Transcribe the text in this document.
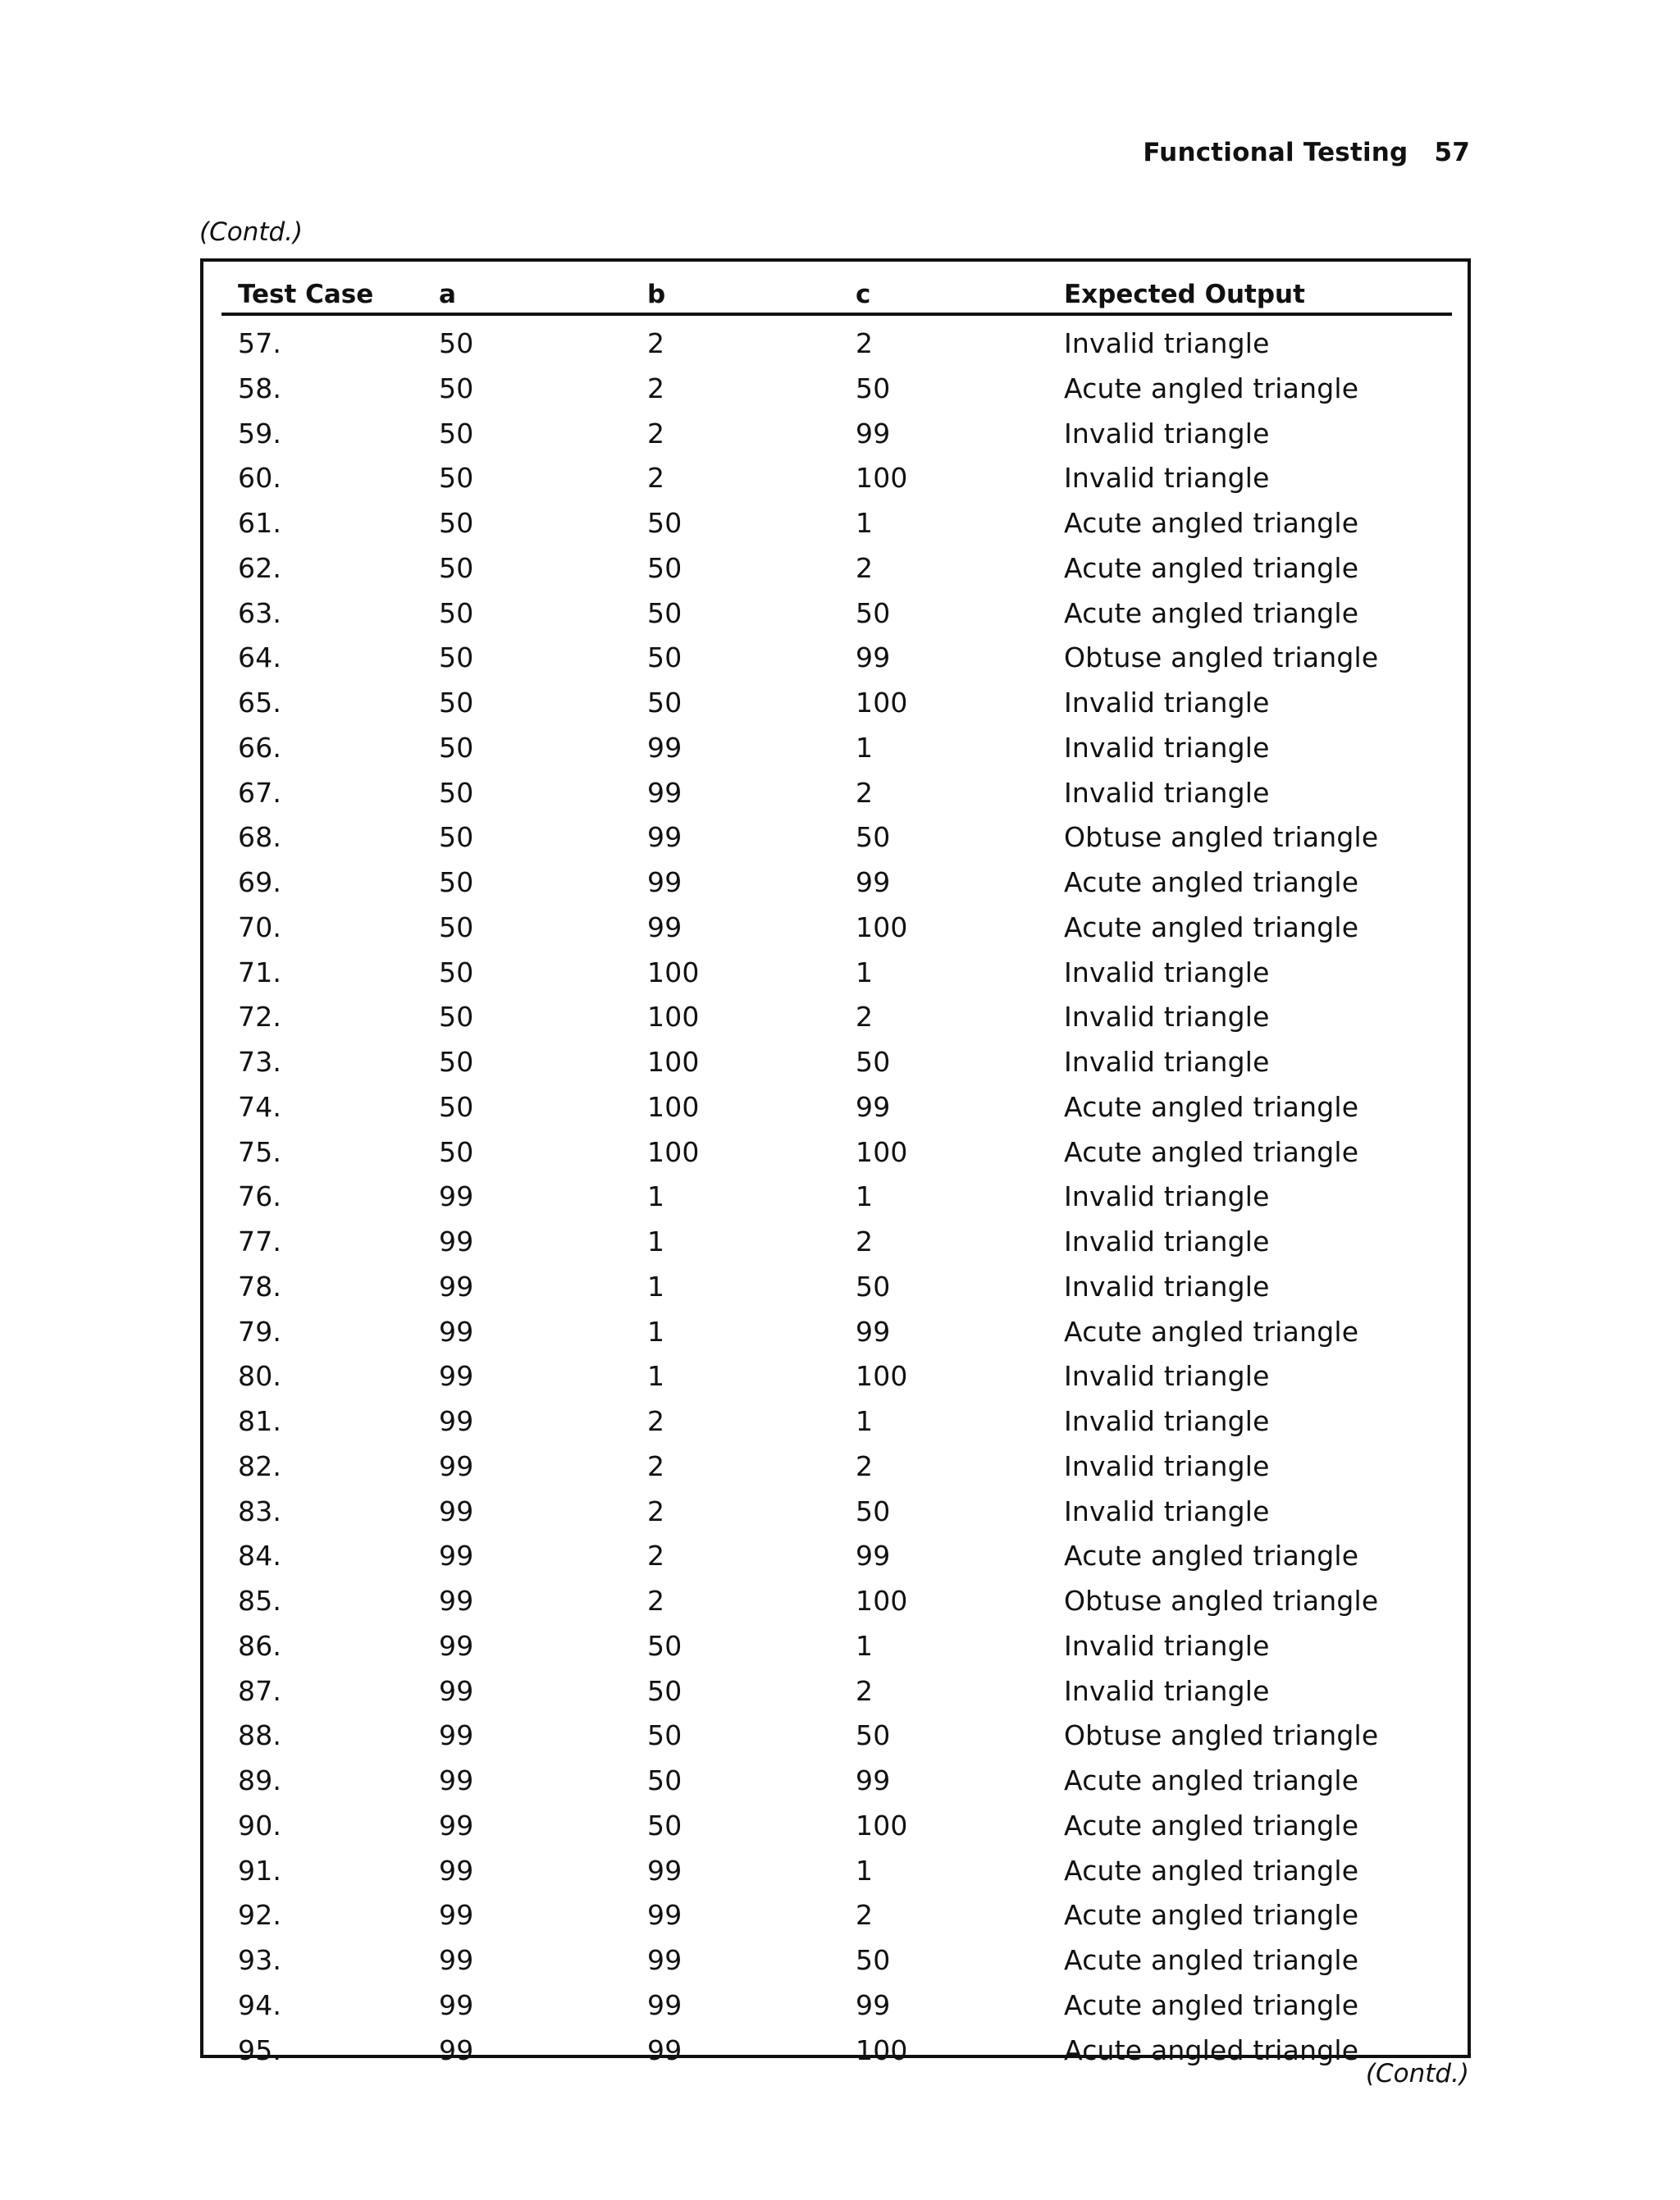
Functional Testing 57
(Contd.)
Test Case	a	b	c	Expected Output
57.	50	2	2	Invalid triangle
58.	50	2	50	Acute angled triangle
59.	50	2	99	Invalid triangle
60.	50	2	100	Invalid triangle
61.	50	50	1	Acute angled triangle
62.	50	50	2	Acute angled triangle
63.	50	50	50	Acute angled triangle
64.	50	50	99	Obtuse angled triangle
65.	50	50	100	Invalid triangle
66.	50	99	1	Invalid triangle
67.	50	99	2	Invalid triangle
68.	50	99	50	Obtuse angled triangle
69.	50	99	99	Acute angled triangle
70.	50	99	100	Acute angled triangle
71.	50	100	1	Invalid triangle
72.	50	100	2	Invalid triangle
73.	50	100	50	Invalid triangle
74.	50	100	99	Acute angled triangle
75.	50	100	100	Acute angled triangle
76.	99	1	1	Invalid triangle
77.	99	1	2	Invalid triangle
78.	99	1	50	Invalid triangle
79.	99	1	99	Acute angled triangle
80.	99	1	100	Invalid triangle
81.	99	2	1	Invalid triangle
82.	99	2	2	Invalid triangle
83.	99	2	50	Invalid triangle
84.	99	2	99	Acute angled triangle
85.	99	2	100	Obtuse angled triangle
86.	99	50	1	Invalid triangle
87.	99	50	2	Invalid triangle
88.	99	50	50	Obtuse angled triangle
89.	99	50	99	Acute angled triangle
90.	99	50	100	Acute angled triangle
91.	99	99	1	Acute angled triangle
92.	99	99	2	Acute angled triangle
93.	99	99	50	Acute angled triangle
94.	99	99	99	Acute angled triangle
95.	99	99	100	Acute angled triangle
(Contd.)
